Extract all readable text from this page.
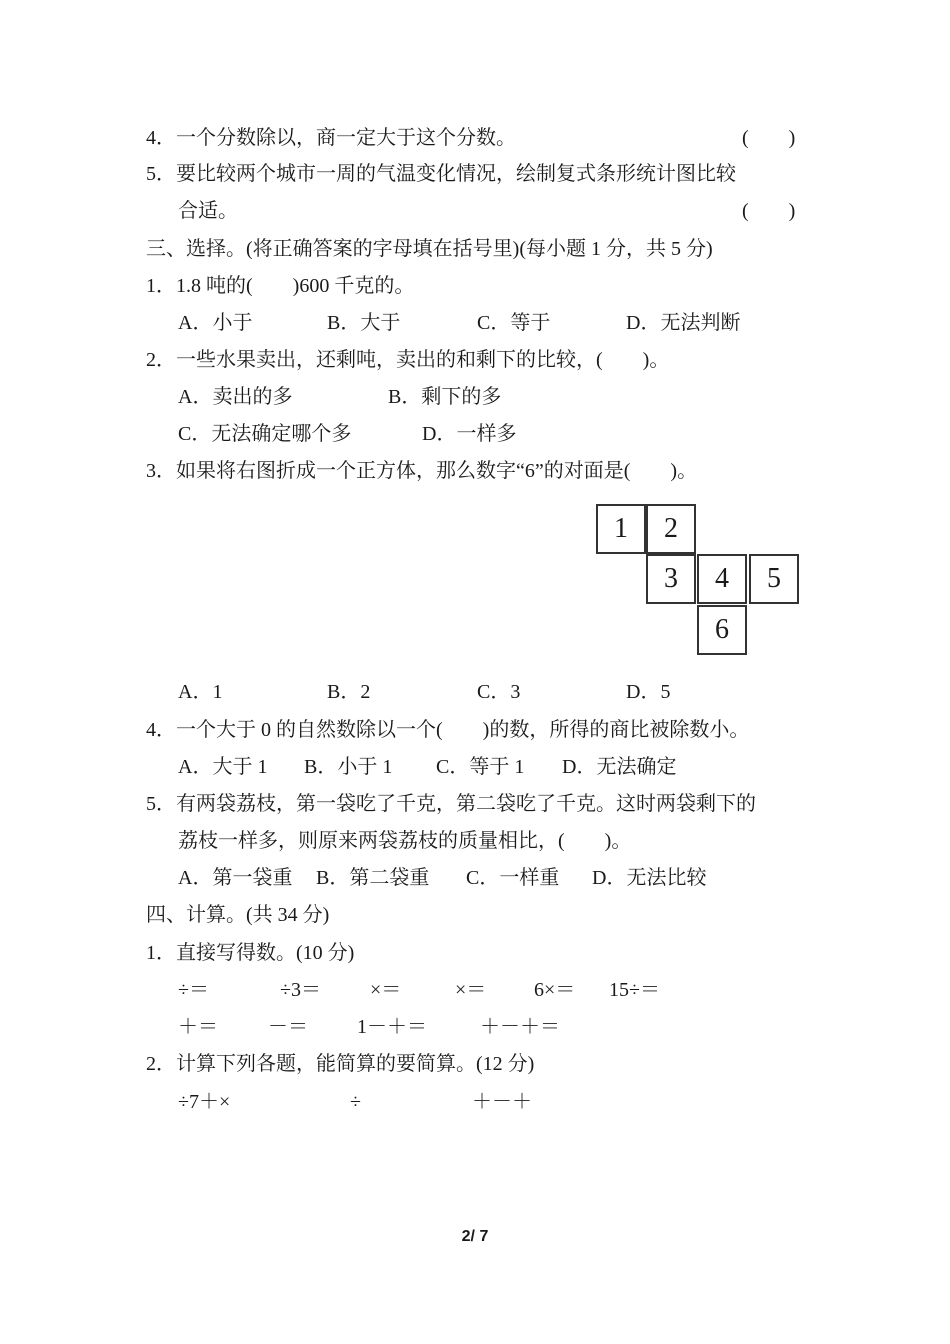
4．一个分数除以，商一定大于这个分数。	(　　)
5．要比较两个城市一周的气温变化情况，绘制复式条形统计图比较
合适。	(　　)
三、选择。(将正确答案的字母填在括号里)(每小题 1 分，共 5 分)
1．1.8 吨的(　　)600 千克的。
A．小于	B．大于	C．等于	D．无法判断
2．一些水果卖出，还剩吨，卖出的和剩下的比较，(　　)。
A．卖出的多	B．剩下的多
C．无法确定哪个多	D．一样多
3．如果将右图折成一个正方体，那么数字“6”的对面是(　　)。
1	2
3	4	5
6
A．1	B．2	C．3	D．5
4．一个大于 0 的自然数除以一个(　　)的数，所得的商比被除数小。
A．大于 1 B．小于 1 C．等于 1 D．无法确定
5．有两袋荔枝，第一袋吃了千克，第二袋吃了千克。这时两袋剩下的
荔枝一样多，则原来两袋荔枝的质量相比，(　　)。
A．第一袋重 B．第二袋重 C．一样重 D．无法比较
四、计算。(共 34 分)
1．直接写得数。(10 分)
÷＝	÷3＝ ×＝	×＝ 6×＝ 15÷＝
＋＝	－＝ 1－＋＝	＋－＋＝
2．计算下列各题，能简算的要简算。(12 分)
÷7＋×	÷	＋－＋
2/ 7
